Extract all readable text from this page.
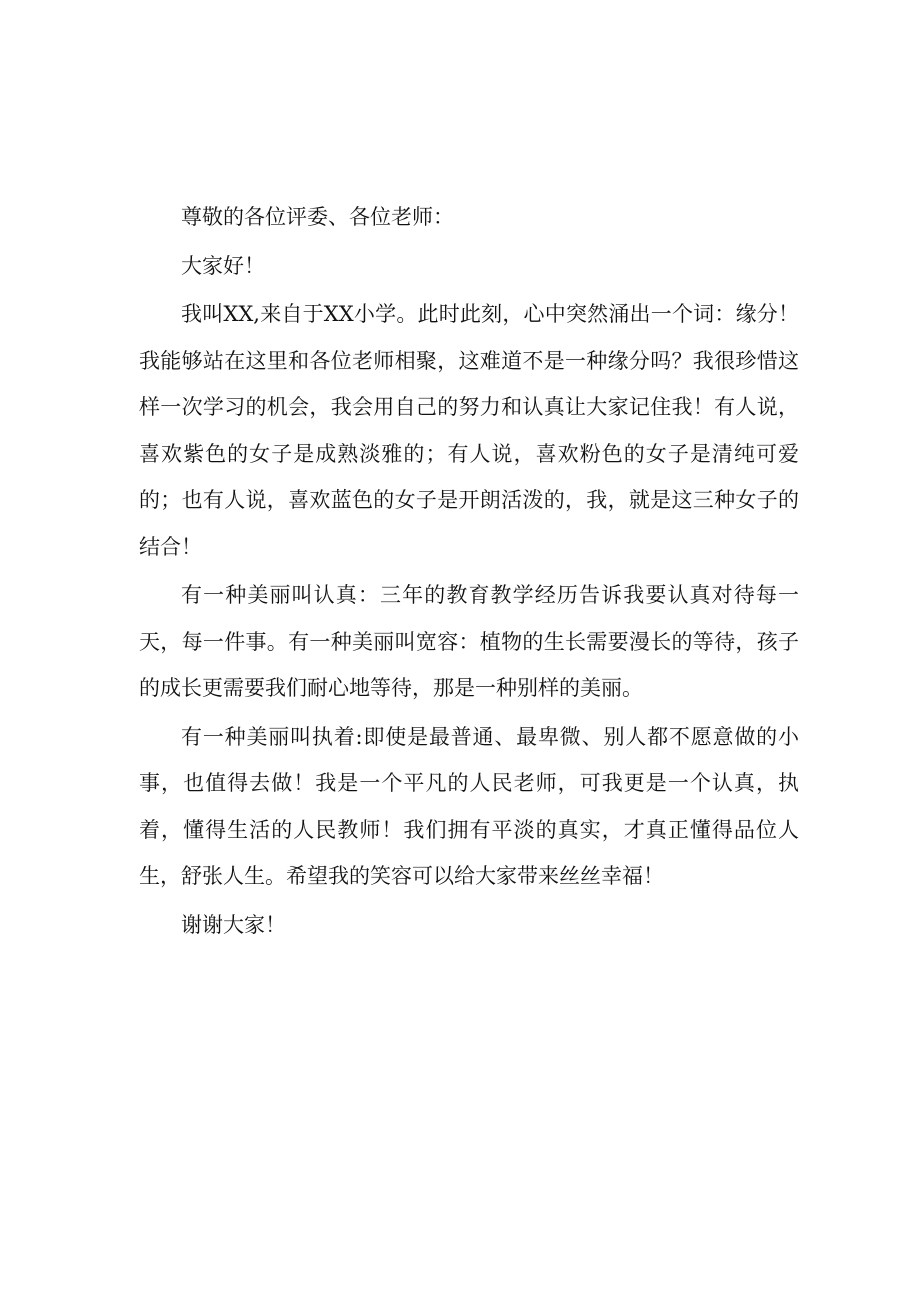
尊敬的各位评委、各位老师：

大家好！

我叫XX,来自于XX小学。此时此刻，心中突然涌出一个词：缘分！我能够站在这里和各位老师相聚，这难道不是一种缘分吗？我很珍惜这样一次学习的机会，我会用自己的努力和认真让大家记住我！有人说，喜欢紫色的女子是成熟淡雅的；有人说，喜欢粉色的女子是清纯可爱的；也有人说，喜欢蓝色的女子是开朗活泼的，我，就是这三种女子的结合！

有一种美丽叫认真：三年的教育教学经历告诉我要认真对待每一天，每一件事。有一种美丽叫宽容：植物的生长需要漫长的等待，孩子的成长更需要我们耐心地等待，那是一种别样的美丽。

有一种美丽叫执着:即使是最普通、最卑微、别人都不愿意做的小事，也值得去做！我是一个平凡的人民老师，可我更是一个认真，执着，懂得生活的人民教师！我们拥有平淡的真实，才真正懂得品位人生，舒张人生。希望我的笑容可以给大家带来丝丝幸福！

谢谢大家！
